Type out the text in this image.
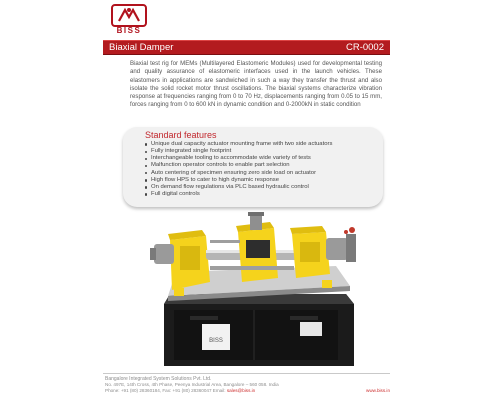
BISS
Biaxial Damper	CR-0002
Biaxial test rig for MEMs (Multilayered Elastomeric Modules) used for developmental testing and quality assurance of elastomeric interfaces used in the launch vehicles. These elastomers in applications are sandwiched in such a way they transfer the thrust and also isolate the solid rocket motor thrust oscillations. The biaxial systems characterize vibration response at frequencies ranging from 0 to 70 Hz, displacements ranging from 0.05 to 15 mm, forces ranging from 0 to 600 kN in dynamic condition and 0-2000kN in static condition
Standard features
Unique dual capacity actuator mounting frame with two side actuators
Fully integrated single footprint
Interchangeable tooling to accommodate wide variety of tests
Malfunction operator controls to enable part selection
Auto centering of specimen ensuring zero side load on actuator
High flow HPS to cater to high dynamic response
On demand flow regulations via PLC based hydraulic control
Full digital controls
BISS
Bangalore Integrated System Solutions Pvt. Ltd.
No. 497E, 14th Cross, 4th Phase, Peenya Industrial Area, Bangalore – 560 058. India
Phone: +91 (80) 28360184, Fax: +91 (80) 28360047 Email: sales@biss.in	www.biss.in
